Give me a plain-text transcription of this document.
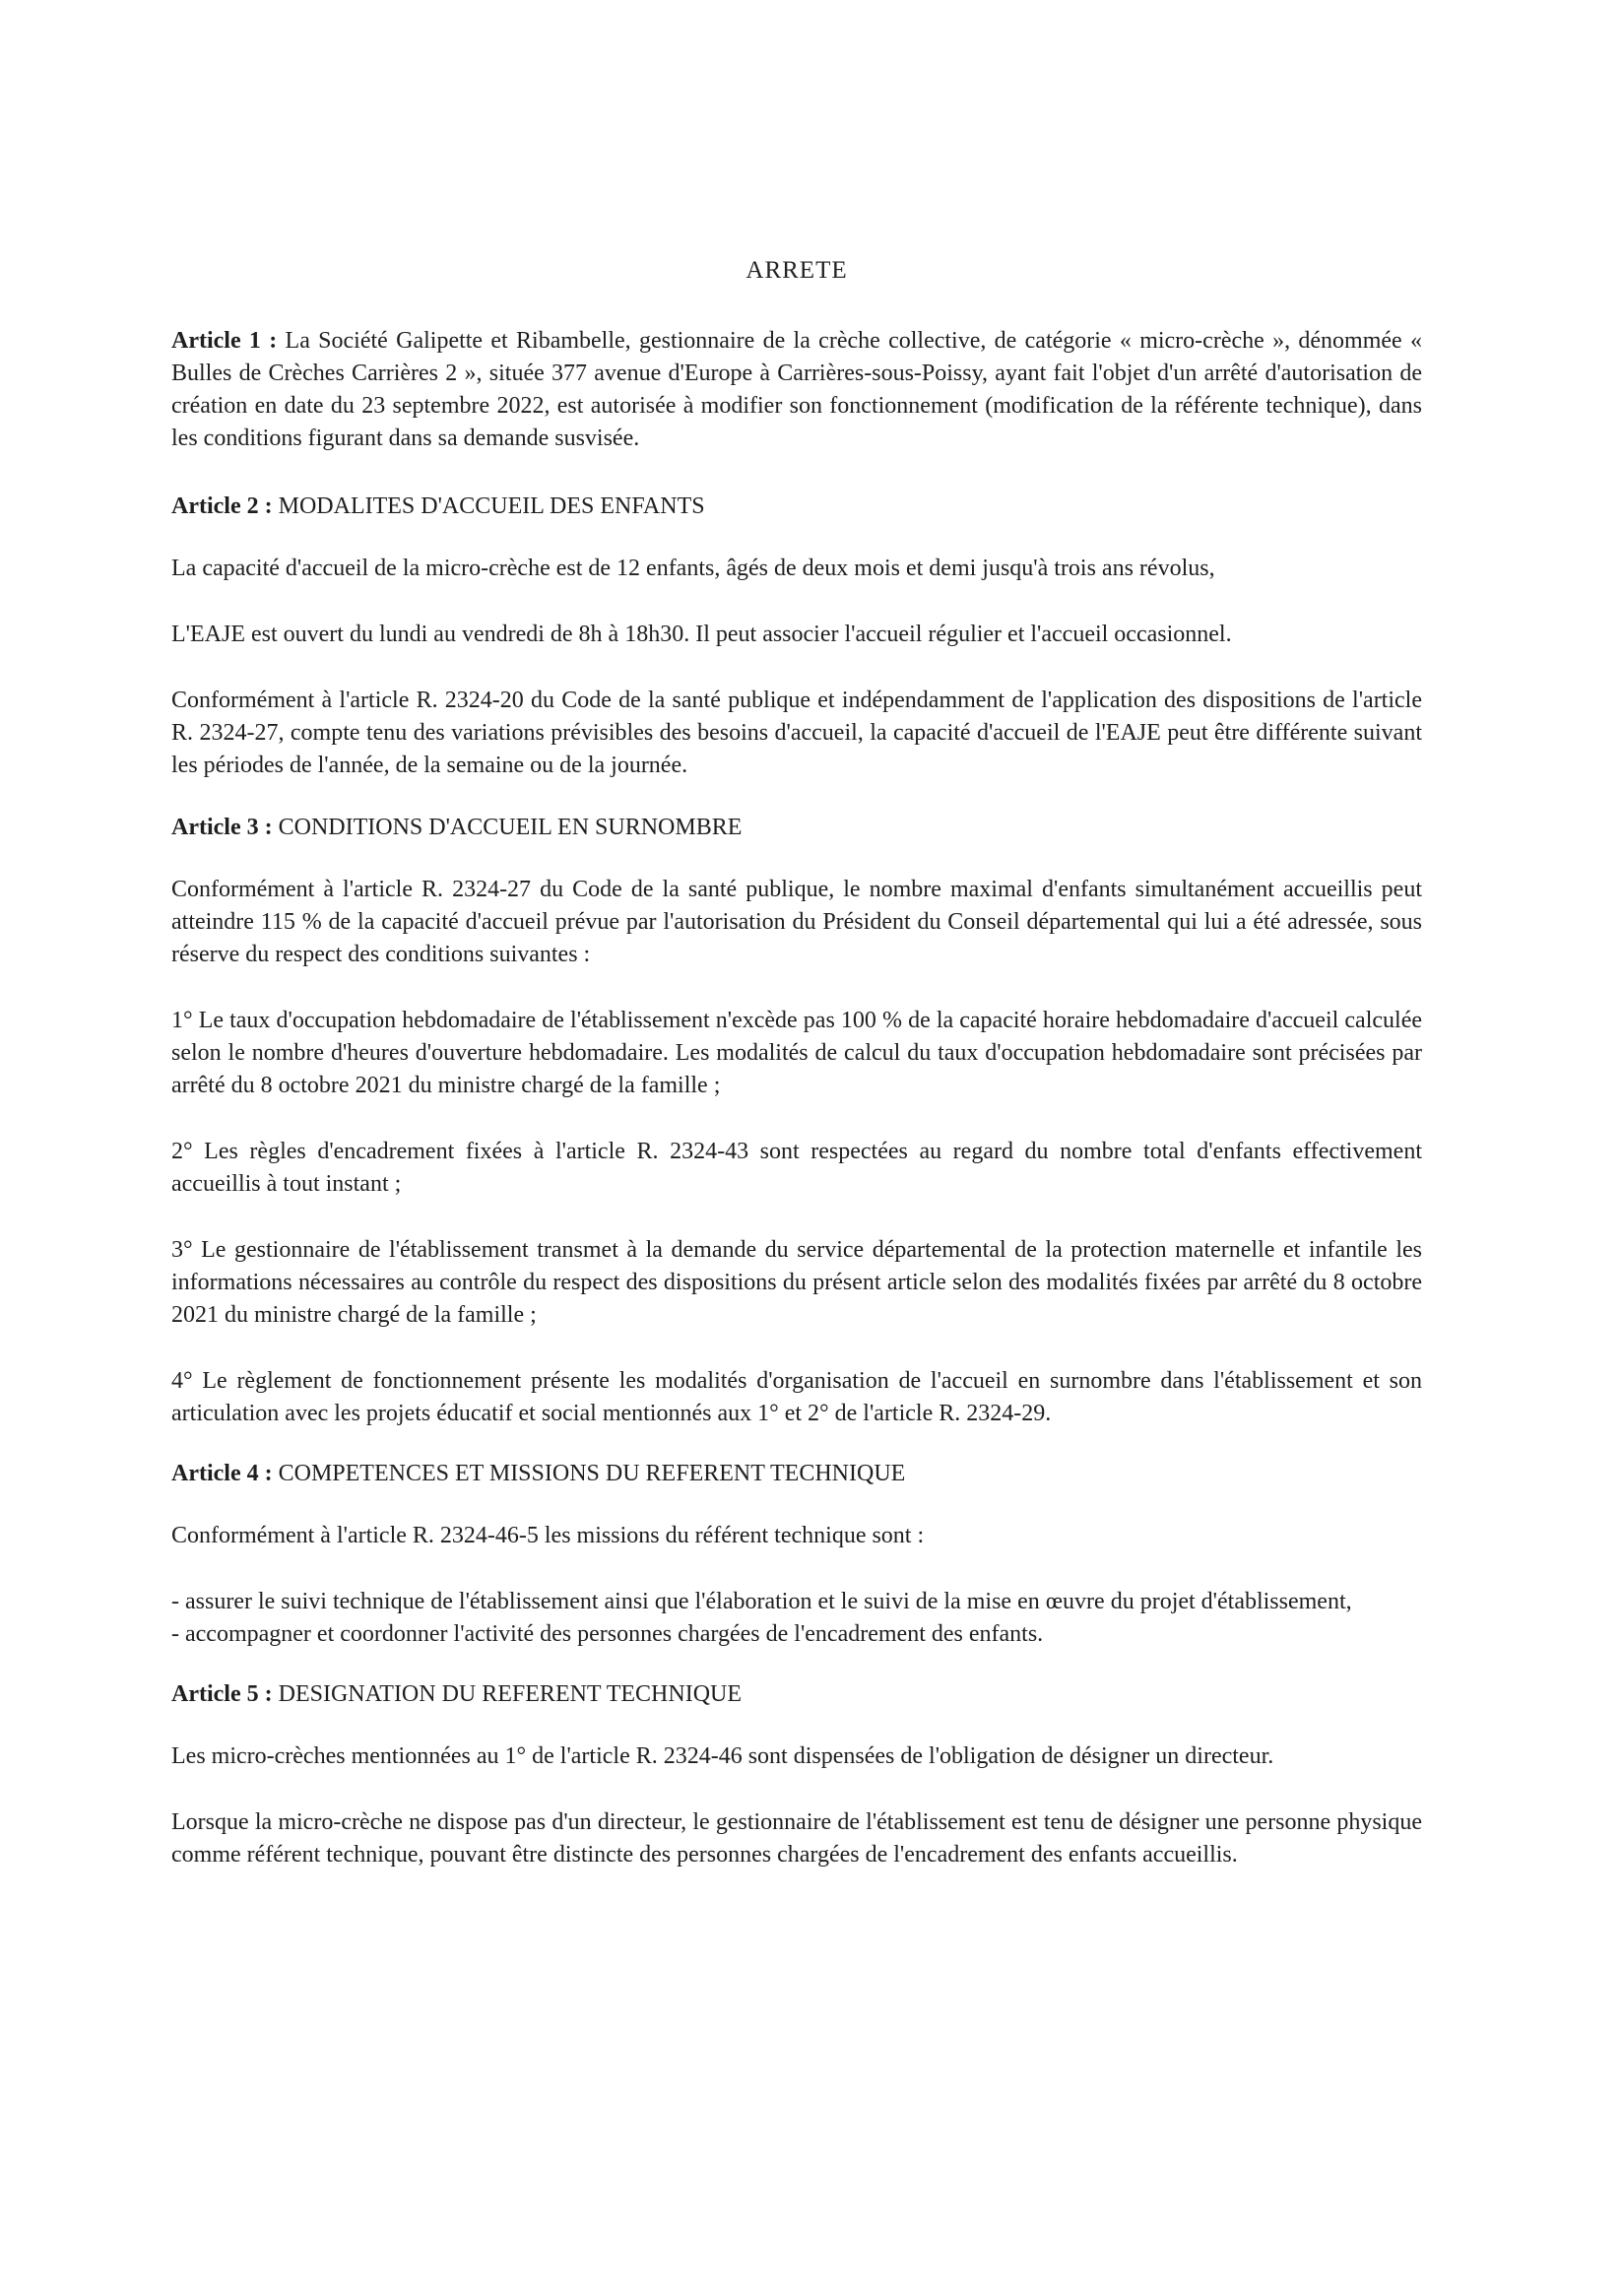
ARRETE

Article 1 : La Société Galipette et Ribambelle, gestionnaire de la crèche collective, de catégorie « micro-crèche », dénommée « Bulles de Crèches Carrières 2 », située 377 avenue d'Europe à Carrières-sous-Poissy, ayant fait l'objet d'un arrêté d'autorisation de création en date du 23 septembre 2022, est autorisée à modifier son fonctionnement (modification de la référente technique), dans les conditions figurant dans sa demande susvisée.

Article 2 : MODALITES D'ACCUEIL DES ENFANTS

La capacité d'accueil de la micro-crèche est de 12 enfants, âgés de deux mois et demi jusqu'à trois ans révolus,

L'EAJE est ouvert du lundi au vendredi de 8h à 18h30. Il peut associer l'accueil régulier et l'accueil occasionnel.

Conformément à l'article R. 2324-20 du Code de la santé publique et indépendamment de l'application des dispositions de l'article R. 2324-27, compte tenu des variations prévisibles des besoins d'accueil, la capacité d'accueil de l'EAJE peut être différente suivant les périodes de l'année, de la semaine ou de la journée.

Article 3 : CONDITIONS D'ACCUEIL EN SURNOMBRE

Conformément à l'article R. 2324-27 du Code de la santé publique, le nombre maximal d'enfants simultanément accueillis peut atteindre 115 % de la capacité d'accueil prévue par l'autorisation du Président du Conseil départemental qui lui a été adressée, sous réserve du respect des conditions suivantes :

1° Le taux d'occupation hebdomadaire de l'établissement n'excède pas 100 % de la capacité horaire hebdomadaire d'accueil calculée selon le nombre d'heures d'ouverture hebdomadaire. Les modalités de calcul du taux d'occupation hebdomadaire sont précisées par arrêté du 8 octobre 2021 du ministre chargé de la famille ;

2° Les règles d'encadrement fixées à l'article R. 2324-43 sont respectées au regard du nombre total d'enfants effectivement accueillis à tout instant ;

3° Le gestionnaire de l'établissement transmet à la demande du service départemental de la protection maternelle et infantile les informations nécessaires au contrôle du respect des dispositions du présent article selon des modalités fixées par arrêté du 8 octobre 2021 du ministre chargé de la famille ;

4° Le règlement de fonctionnement présente les modalités d'organisation de l'accueil en surnombre dans l'établissement et son articulation avec les projets éducatif et social mentionnés aux 1° et 2° de l'article R. 2324-29.

Article 4 : COMPETENCES ET MISSIONS DU REFERENT TECHNIQUE

Conformément à l'article R. 2324-46-5 les missions du référent technique sont :

- assurer le suivi technique de l'établissement ainsi que l'élaboration et le suivi de la mise en œuvre du projet d'établissement,

- accompagner et coordonner l'activité des personnes chargées de l'encadrement des enfants.

Article 5 : DESIGNATION DU REFERENT TECHNIQUE

Les micro-crèches mentionnées au 1° de l'article R. 2324-46 sont dispensées de l'obligation de désigner un directeur.

Lorsque la micro-crèche ne dispose pas d'un directeur, le gestionnaire de l'établissement est tenu de désigner une personne physique comme référent technique, pouvant être distincte des personnes chargées de l'encadrement des enfants accueillis.
